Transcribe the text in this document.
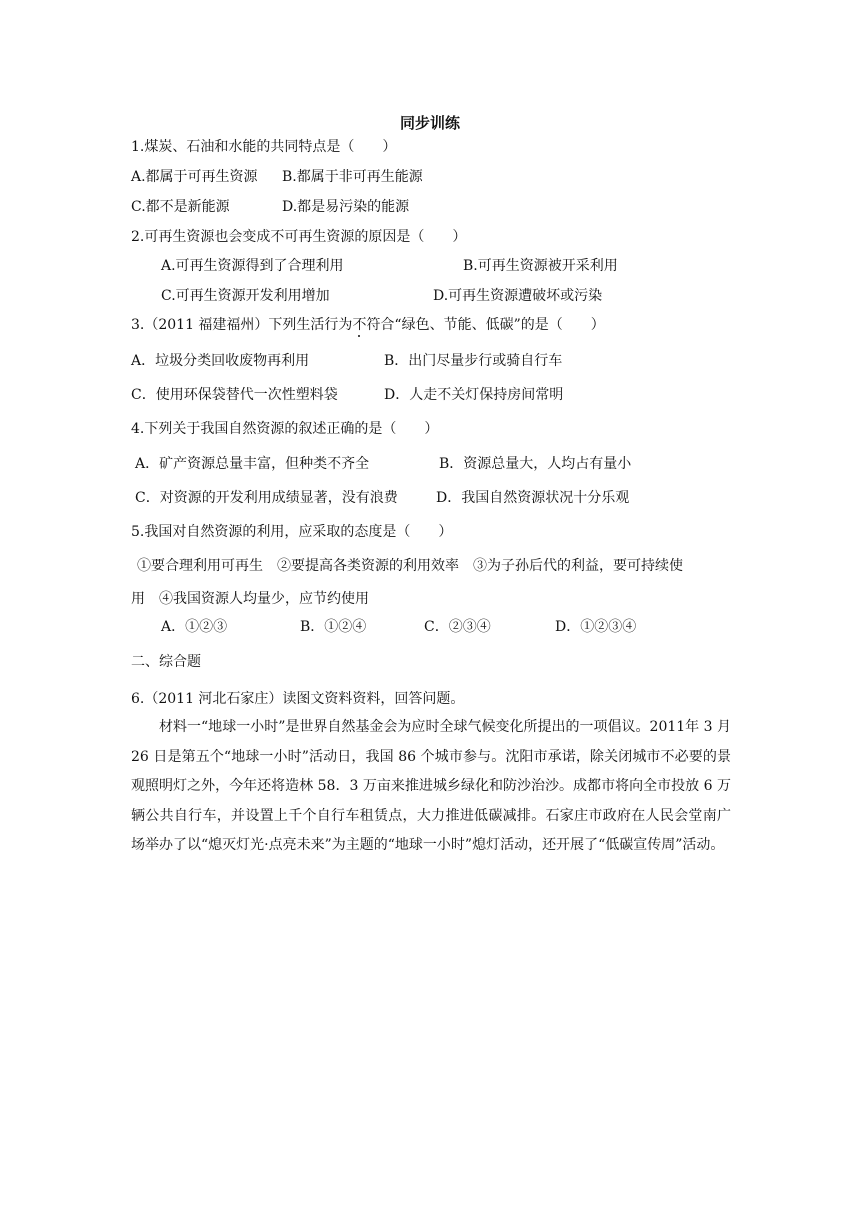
同步训练
1.煤炭、石油和水能的共同特点是（　　）
A.都属于可再生资源 B.都属于非可再生能源
C.都不是新能源	D.都是易污染的能源
2.可再生资源也会变成不可再生资源的原因是（　　）
A.可再生资源得到了合理利用	B.可再生资源被开采利用
C.可再生资源开发利用增加	D.可再生资源遭破坏或污染
3.（2011 福建福州）下列生活行为不符合“绿色、节能、低碳”的是（　　）
A．垃圾分类回收废物再利用	B．出门尽量步行或骑自行车
C．使用环保袋替代一次性塑料袋	D．人走不关灯保持房间常明
4.下列关于我国自然资源的叙述正确的是（　　）
A．矿产资源总量丰富，但种类不齐全	B．资源总量大，人均占有量小
C．对资源的开发利用成绩显著，没有浪费	D．我国自然资源状况十分乐观
5.我国对自然资源的利用，应采取的态度是（　　）
①要合理利用可再生　②要提高各类资源的利用效率　③为子孙后代的利益，要可持续使
用　④我国资源人均量少，应节约使用
A．①②③	B．①②④	C．②③④	D．①②③④
二、综合题
6.（2011 河北石家庄）读图文资料资料，回答问题。
材料一“地球一小时”是世界自然基金会为应时全球气候变化所提出的一项倡议。2011年 3 月 26 日是第五个“地球一小时”活动日，我国 86 个城市参与。沈阳市承诺，除关闭城市不必要的景观照明灯之外，今年还将造林 58．3 万亩来推进城乡绿化和防沙治沙。成都市将向全市投放 6 万辆公共自行车，并设置上千个自行车租赁点，大力推进低碳减排。石家庄市政府在人民会堂南广场举办了以“熄灭灯光·点亮未来”为主题的“地球一小时”熄灯活动，还开展了“低碳宣传周”活动。
